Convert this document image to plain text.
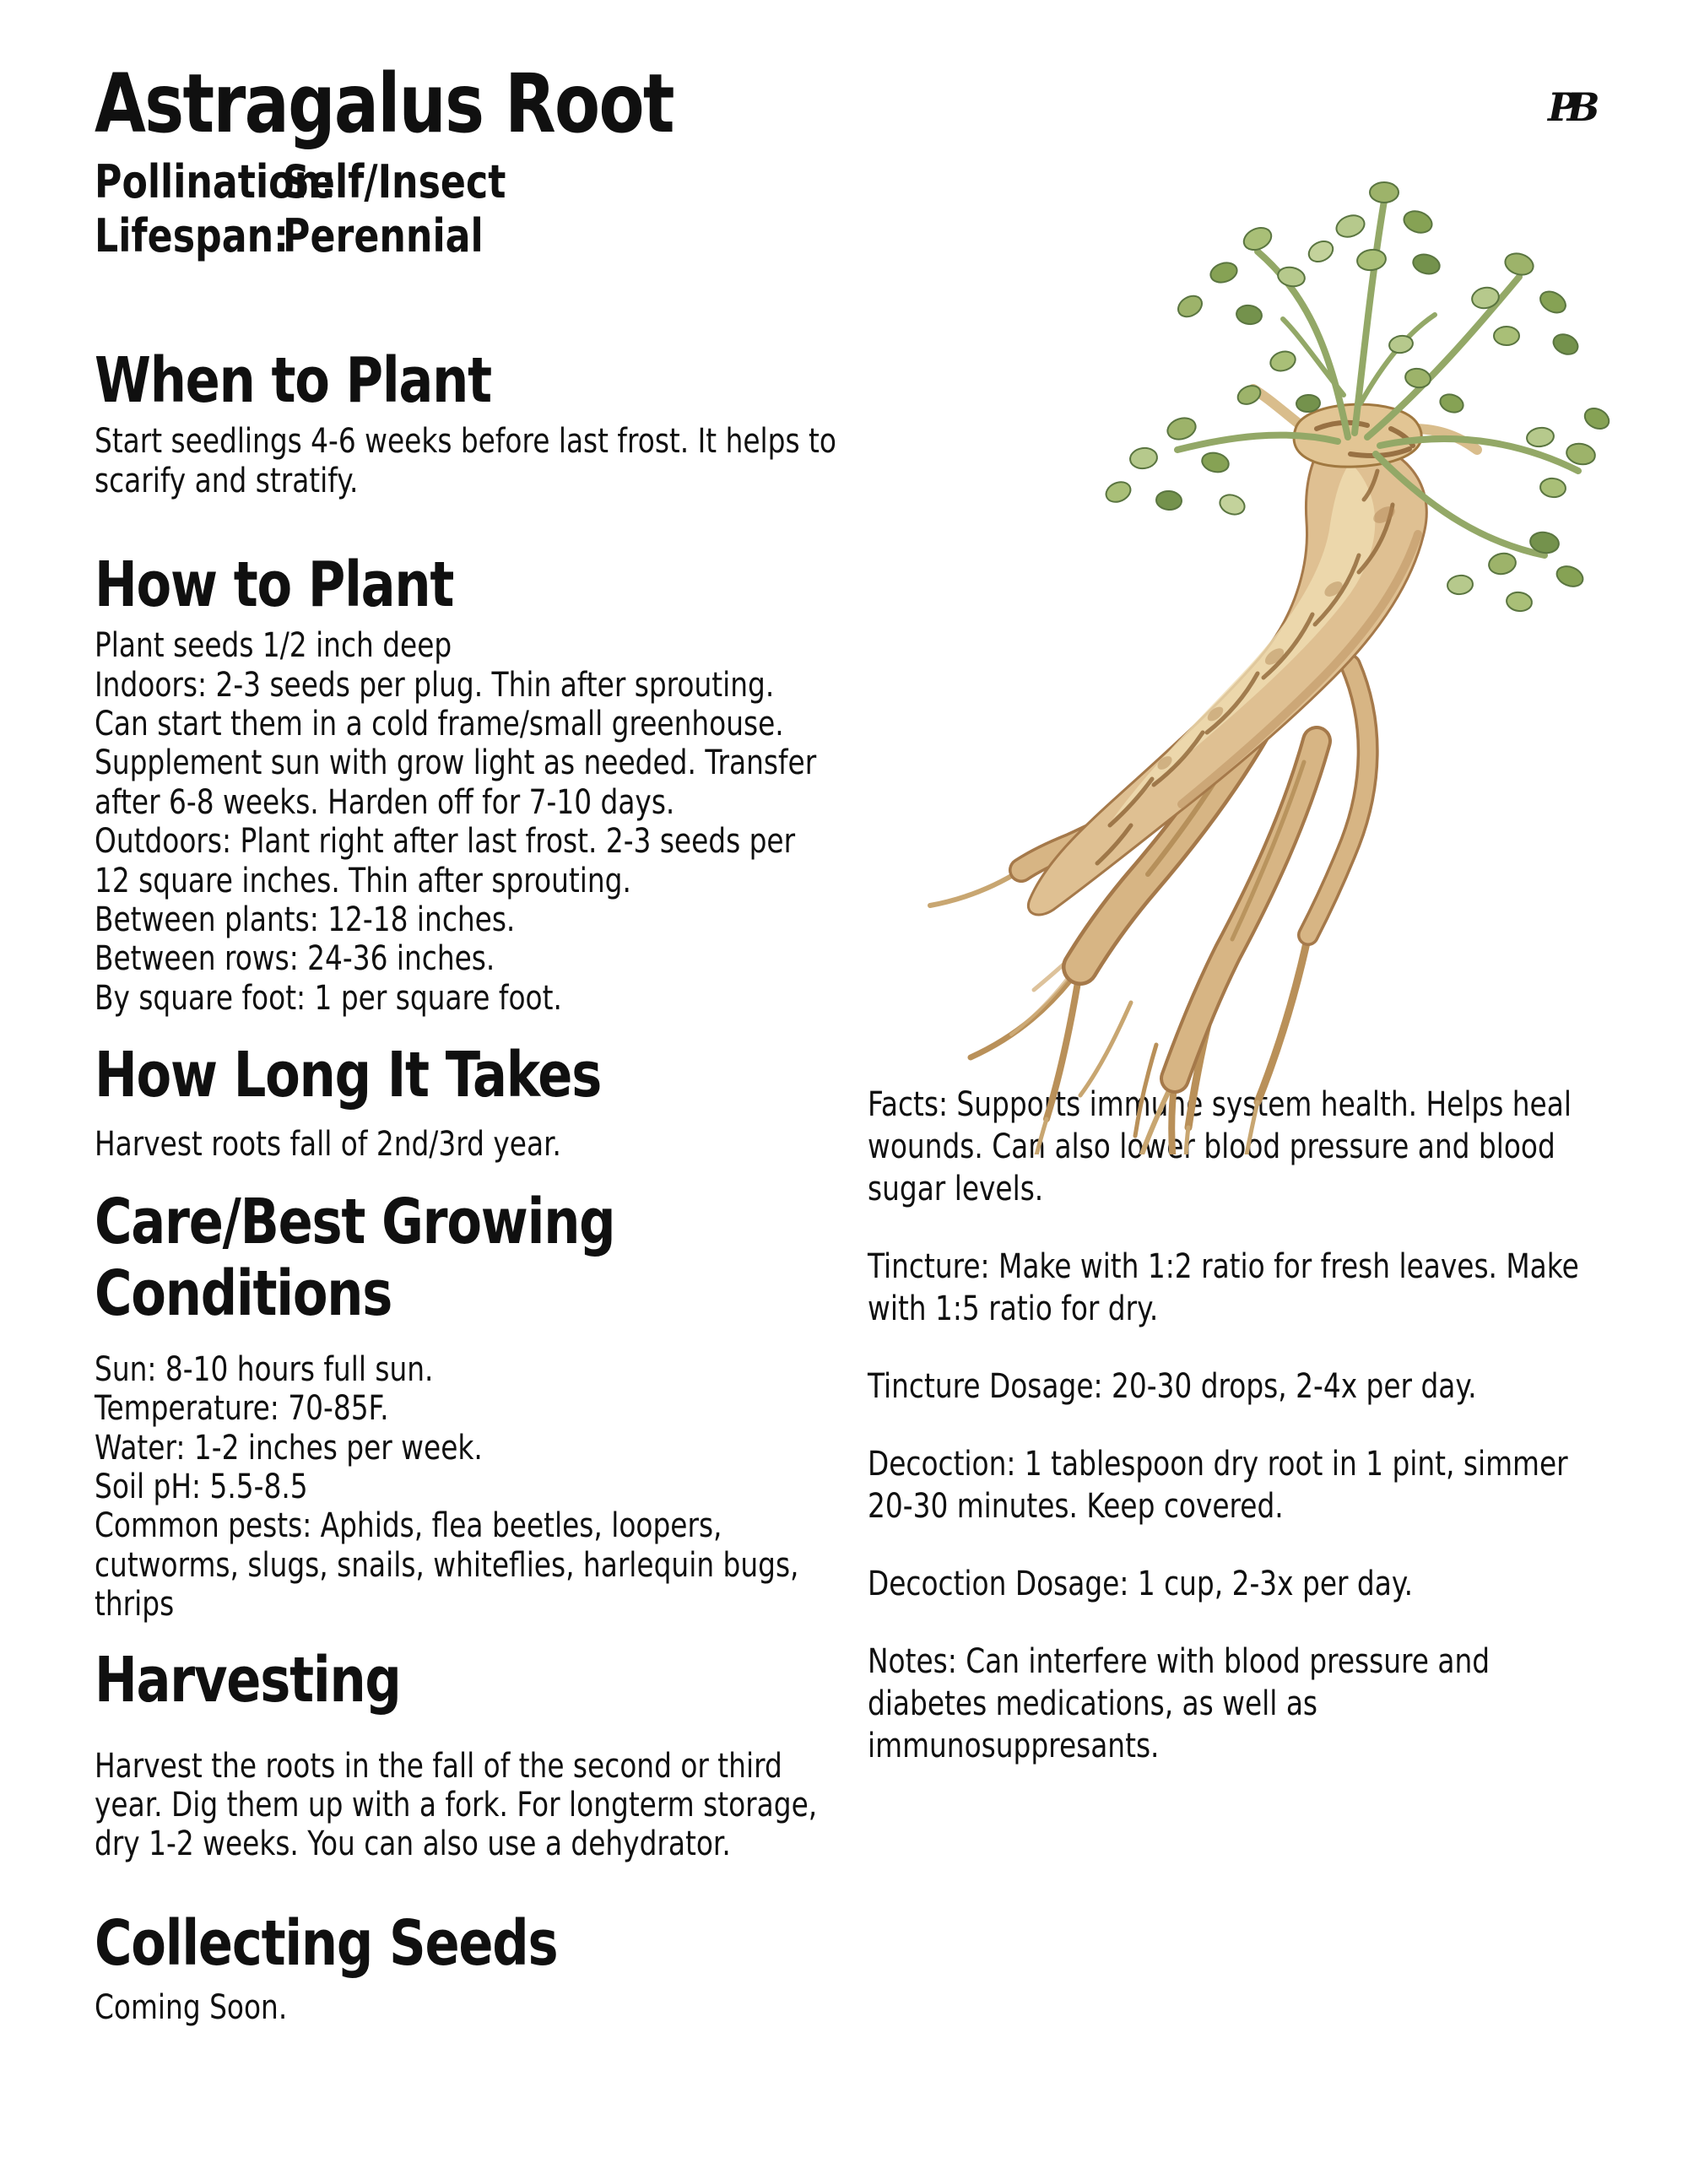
Astragalus Root
Pollination:
Self/Insect
Lifespan:
Perennial
When to Plant

Start seedlings 4-6 weeks before last frost. It helps to scarify and stratify.

How to Plant

Plant seeds 1/2 inch deep

Indoors: 2-3 seeds per plug. Thin after sprouting. Can start them in a cold frame/small greenhouse. Supplement sun with grow light as needed. Transfer after 6-8 weeks. Harden off for 7-10 days.

Outdoors: Plant right after last frost. 2-3 seeds per 12 square inches. Thin after sprouting.

Between plants: 12-18 inches.

Between rows: 24-36 inches.

By square foot: 1 per square foot.

How Long It Takes

Harvest roots fall of 2nd/3rd year.

Care/Best Growing Conditions

Sun: 8-10 hours full sun.

Temperature: 70-85F.

Water: 1-2 inches per week.

Soil pH: 5.5-8.5

Common pests: Aphids, flea beetles, loopers, cutworms, slugs, snails, whiteflies, harlequin bugs, thrips

Harvesting

Harvest the roots in the fall of the second or third year. Dig them up with a fork. For longterm storage, dry 1-2 weeks. You can also use a dehydrator.

Collecting Seeds

Coming Soon.

Facts: Supports immune system health. Helps heal wounds. Can also lower blood pressure and blood sugar levels.

Tincture: Make with 1:2 ratio for fresh leaves. Make with 1:5 ratio for dry.

Tincture Dosage: 20-30 drops, 2-4x per day.

Decoction: 1 tablespoon dry root in 1 pint, simmer 20-30 minutes. Keep covered.

Decoction Dosage: 1 cup, 2-3x per day.

Notes: Can interfere with blood pressure and diabetes medications, as well as immunosuppresants.

PB
